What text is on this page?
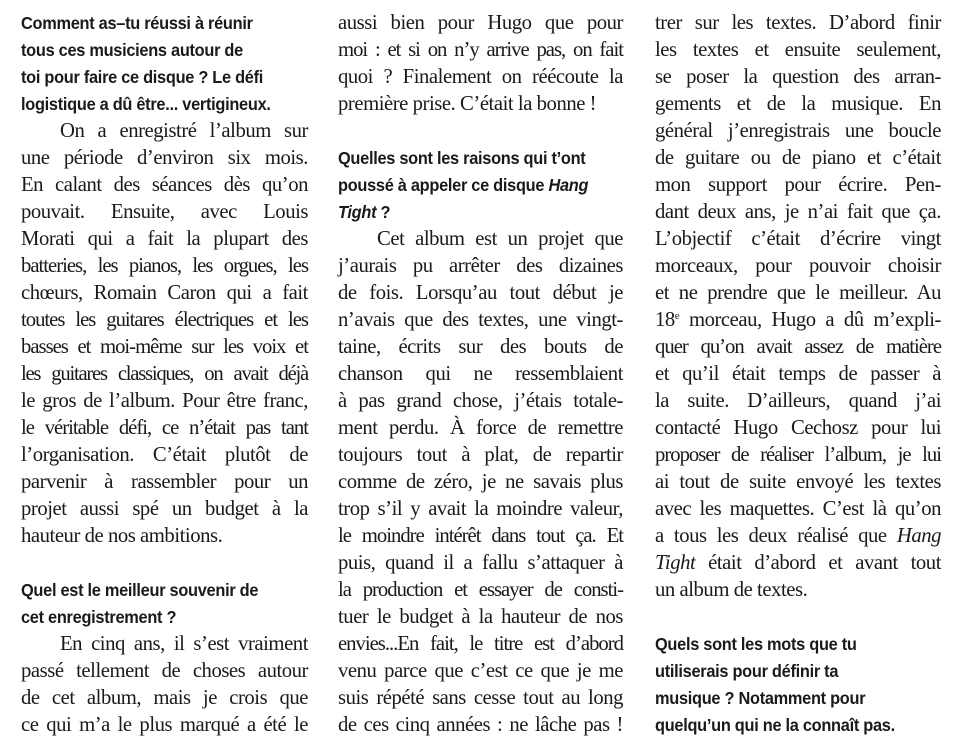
Comment as–tu réussi à réunir
tous ces musiciens autour de
toi pour faire ce disque ? Le défi
logistique a dû être... vertigineux.

On a enregistré l’album sur
une période d’environ six mois.
En calant des séances dès qu’on
pouvait. Ensuite, avec Louis
Morati qui a fait la plupart des
batteries, les pianos, les orgues, les
chœurs, Romain Caron qui a fait
toutes les guitares électriques et les
basses et moi-même sur les voix et
les guitares classiques, on avait déjà
le gros de l’album. Pour être franc,
le véritable défi, ce n’était pas tant
l’organisation. C’était plutôt de
parvenir à rassembler pour un
projet aussi spé un budget à la
hauteur de nos ambitions.

Quel est le meilleur souvenir de
cet enregistrement ?

En cinq ans, il s’est vraiment
passé tellement de choses autour
de cet album, mais je crois que
ce qui m’a le plus marqué a été le
aussi bien pour Hugo que pour
moi : et si on n’y arrive pas, on fait
quoi ? Finalement on réécoute la
première prise. C’était la bonne !

Quelles sont les raisons qui t’ont
poussé à appeler ce disque Hang
Tight ?

Cet album est un projet que
j’aurais pu arrêter des dizaines
de fois. Lorsqu’au tout début je
n’avais que des textes, une vingt-
taine, écrits sur des bouts de
chanson qui ne ressemblaient
à pas grand chose, j’étais totale-
ment perdu. À force de remettre
toujours tout à plat, de repartir
comme de zéro, je ne savais plus
trop s’il y avait la moindre valeur,
le moindre intérêt dans tout ça. Et
puis, quand il a fallu s’attaquer à
la production et essayer de consti-
tuer le budget à la hauteur de nos
envies...En fait, le titre est d’abord
venu parce que c’est ce que je me
suis répété sans cesse tout au long
de ces cinq années : ne lâche pas !
trer sur les textes. D’abord finir
les textes et ensuite seulement,
se poser la question des arran-
gements et de la musique. En
général j’enregistrais une boucle
de guitare ou de piano et c’était
mon support pour écrire. Pen-
dant deux ans, je n’ai fait que ça.
L’objectif c’était d’écrire vingt
morceaux, pour pouvoir choisir
et ne prendre que le meilleur. Au
18e morceau, Hugo a dû m’expli-
quer qu’on avait assez de matière
et qu’il était temps de passer à
la suite. D’ailleurs, quand j’ai
contacté Hugo Cechosz pour lui
proposer de réaliser l’album, je lui
ai tout de suite envoyé les textes
avec les maquettes. C’est là qu’on
a tous les deux réalisé que Hang
Tight était d’abord et avant tout
un album de textes.

Quels sont les mots que tu
utiliserais pour définir ta
musique ? Notamment pour
quelqu’un qui ne la connaît pas.
